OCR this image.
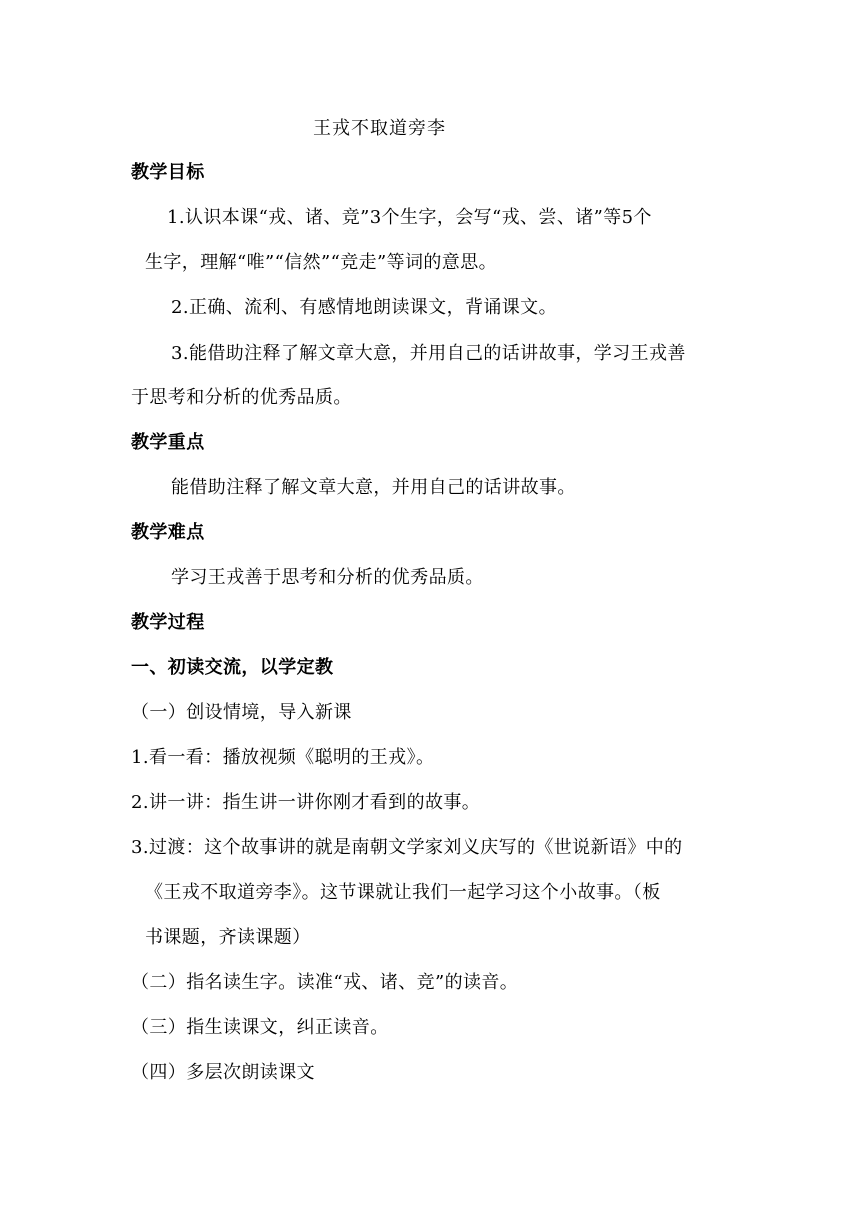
王戎不取道旁李
教学目标
1.认识本课“戎、诸、竞”3个生字，会写“戎、尝、诸”等5个
生字，理解“唯”“信然”“竞走”等词的意思。
2.正确、流利、有感情地朗读课文，背诵课文。
3.能借助注释了解文章大意，并用自己的话讲故事，学习王戎善
于思考和分析的优秀品质。
教学重点
能借助注释了解文章大意，并用自己的话讲故事。
教学难点
学习王戎善于思考和分析的优秀品质。
教学过程
一、初读交流，以学定教
（一）创设情境，导入新课
1.看一看：播放视频《聪明的王戎》。
2.讲一讲：指生讲一讲你刚才看到的故事。
3.过渡：这个故事讲的就是南朝文学家刘义庆写的《世说新语》中的
《王戎不取道旁李》。这节课就让我们一起学习这个小故事。（板
书课题，齐读课题）
（二）指名读生字。读准“戎、诸、竞”的读音。
（三）指生读课文，纠正读音。
（四）多层次朗读课文
